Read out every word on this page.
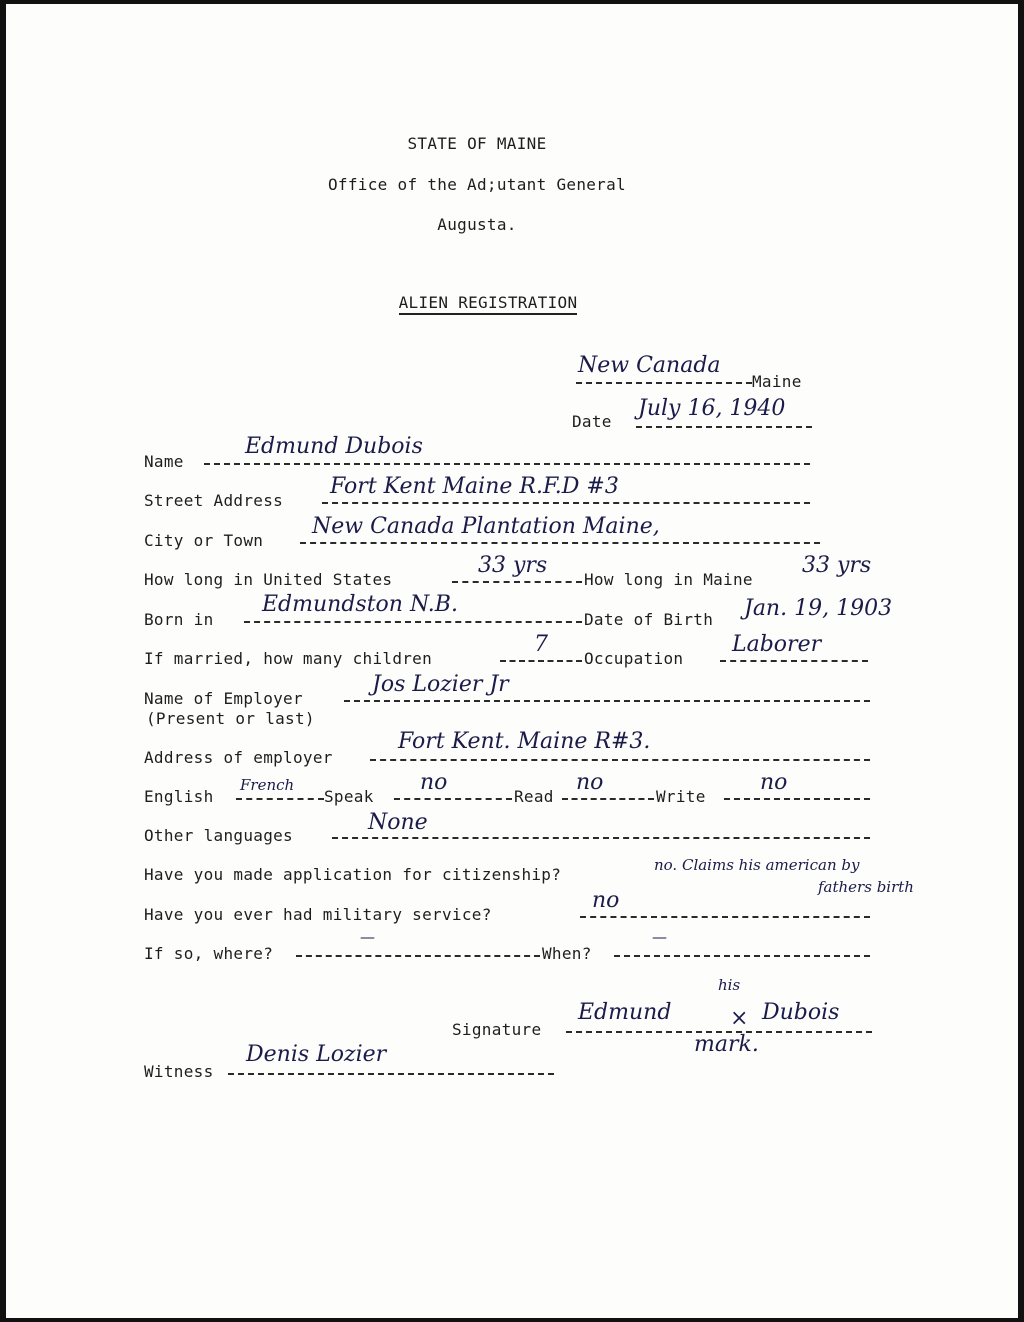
STATE OF MAINE
Office of the Ad;utant General
Augusta.
ALIEN REGISTRATION
New Canada
Maine
Date
July 16, 1940
Name
Edmund Dubois
Street Address
Fort Kent Maine R.F.D #3
City or Town
New Canada Plantation Maine,
How long in United States
33 yrs
How long in Maine
33 yrs
Born in
Edmundston N.B.
Date of Birth Jan. 19, 1903
If married, how many children
7
Occupation
Laborer
Name of Employer
(Present or last)
Jos Lozier Jr
Address of employer
Fort Kent. Maine R#3.
English
French
Speak
no
Read
no
Write
no
Other languages
None
Have you made application for citizenship?	no. Claims his american by
fathers birth
Have you ever had military service?
no
If so, where?
—
When?
—
Signature
Edmund
his
× Dubois
mark.
Witness
Denis Lozier
